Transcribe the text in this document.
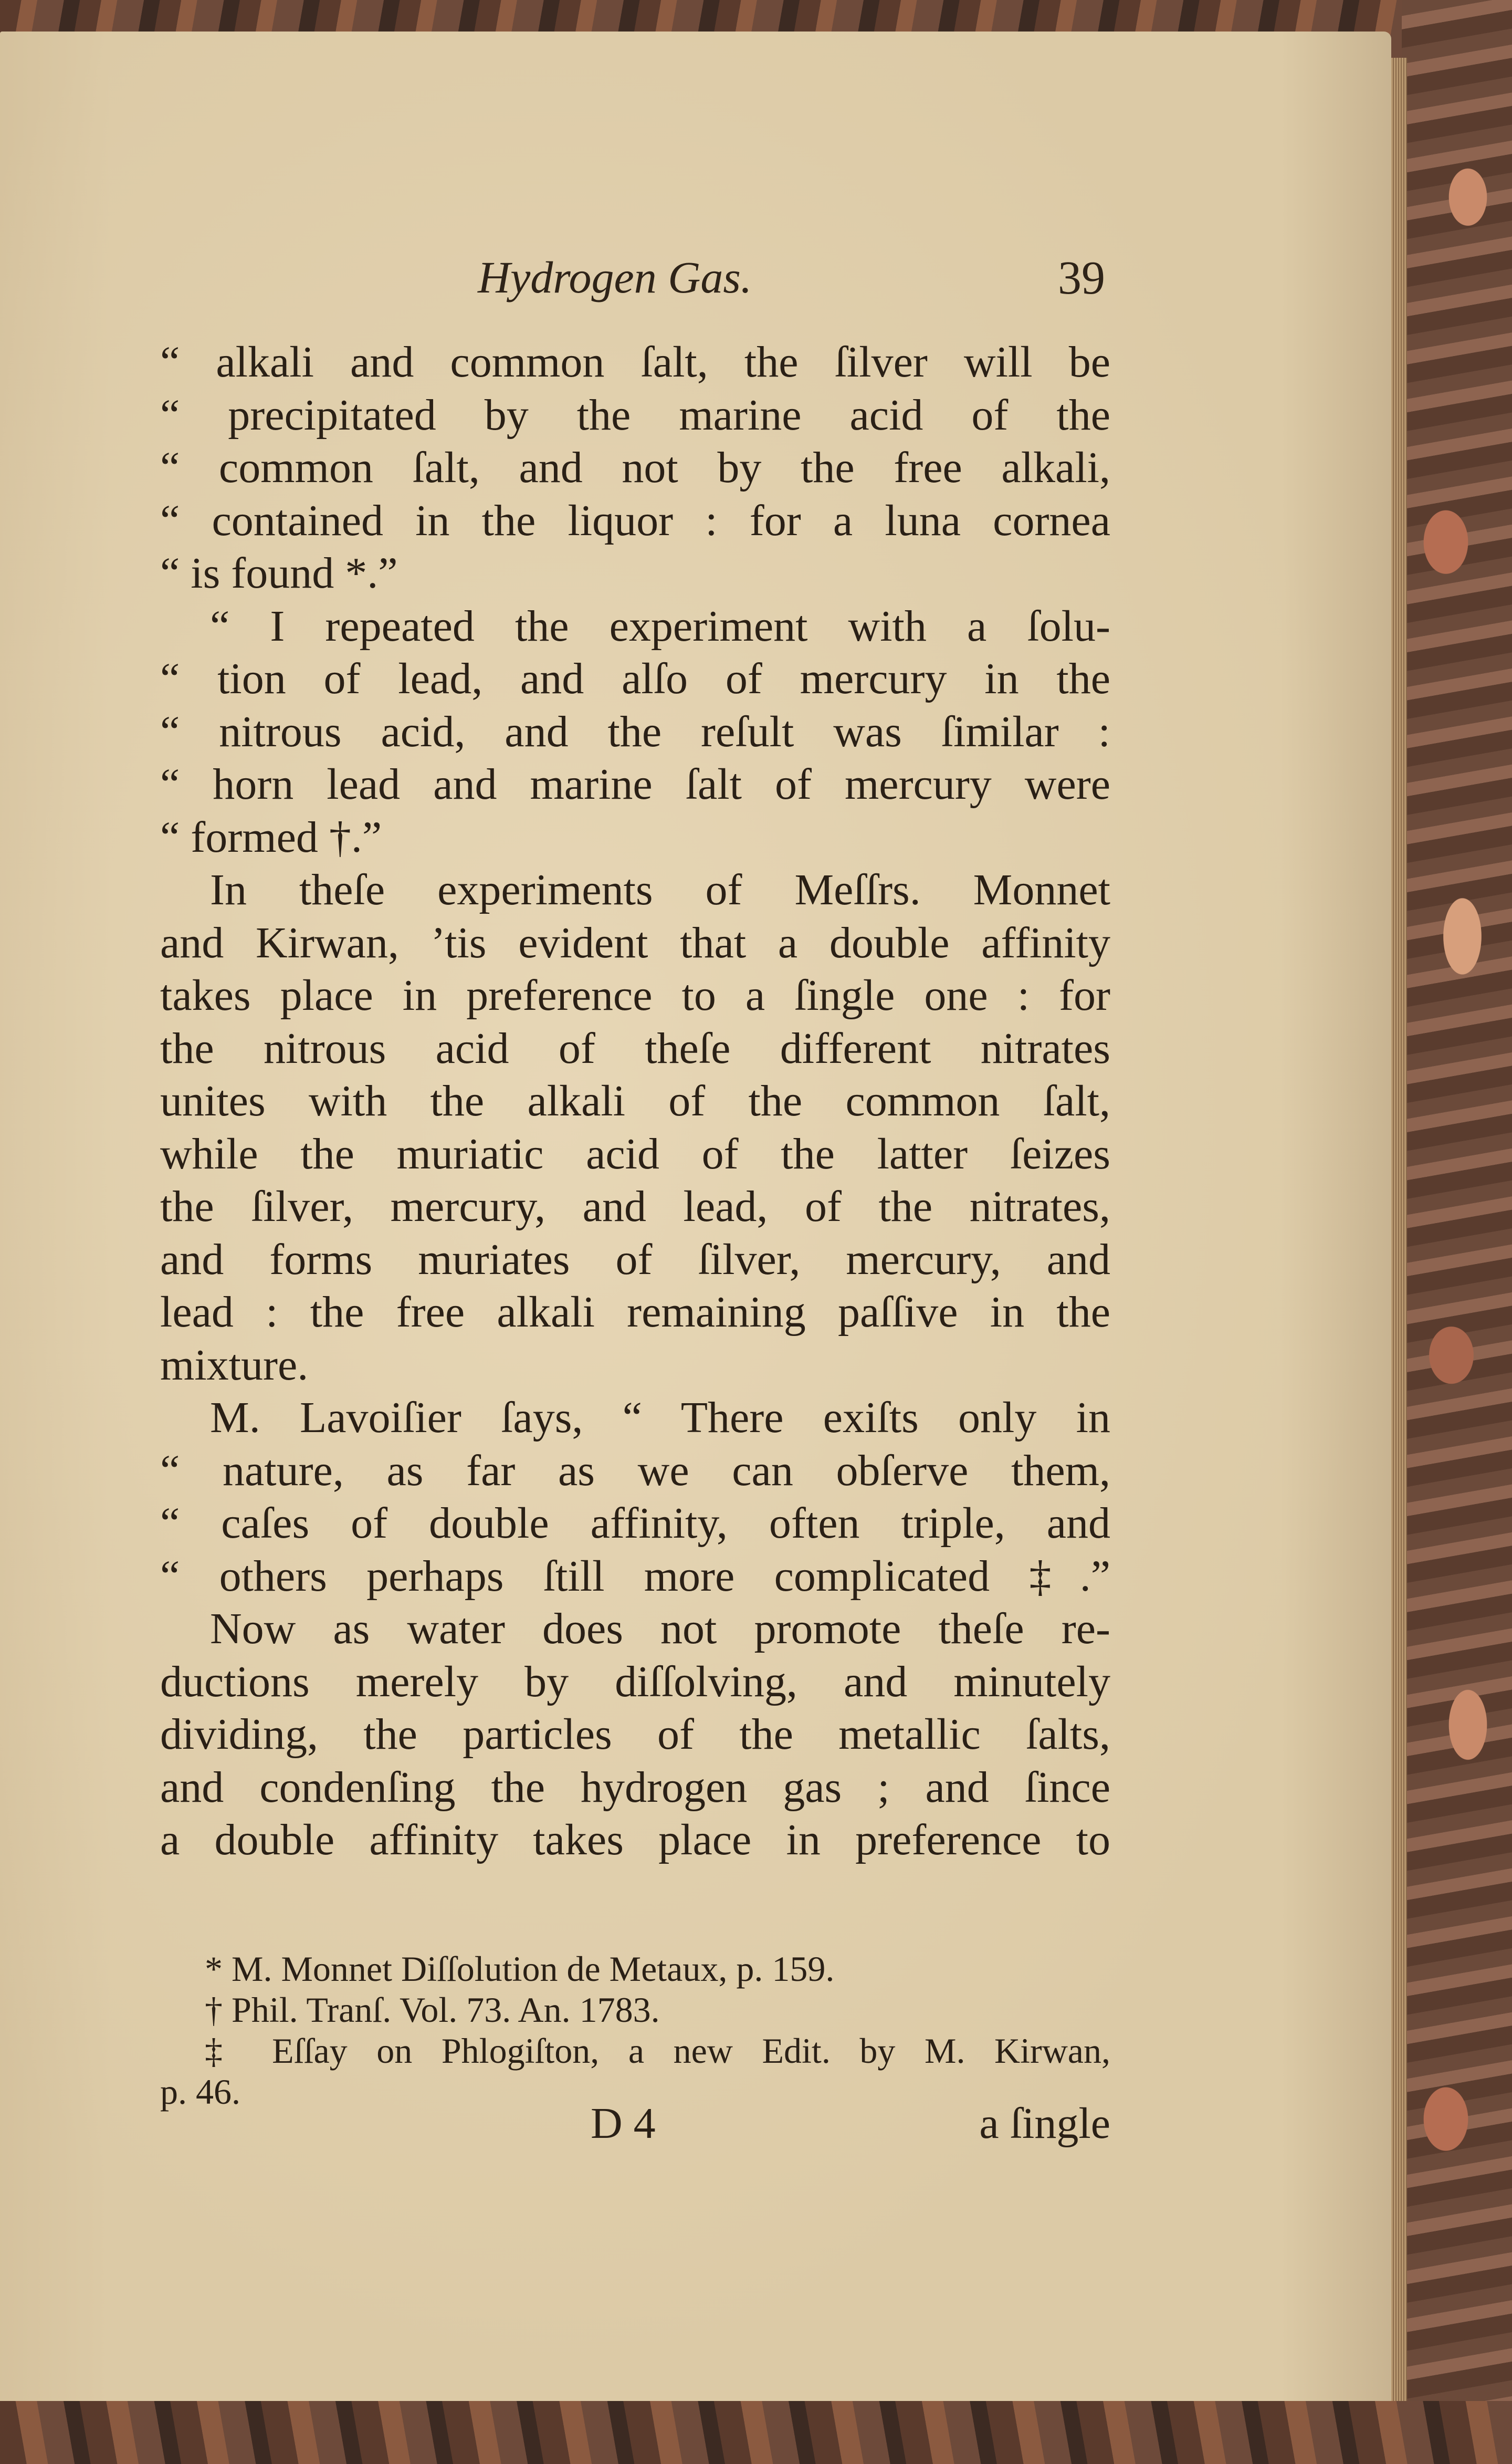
Hydrogen Gas.	39
“ alkali and common ſalt, the ſilver will be
“ precipitated by the marine acid of the
“ common ſalt, and not by the free alkali,
“ contained in the liquor : for a luna cornea
“ is found *.”
“ I repeated the experiment with a ſolu-
“ tion of lead, and alſo of mercury in the
“ nitrous acid, and the reſult was ſimilar :
“ horn lead and marine ſalt of mercury were
“ formed †.”
In theſe experiments of Meſſrs. Monnet
and Kirwan, ’tis evident that a double affinity
takes place in preference to a ſingle one : for
the nitrous acid of theſe different nitrates
unites with the alkali of the common ſalt,
while the muriatic acid of the latter ſeizes
the ſilver, mercury, and lead, of the nitrates,
and forms muriates of ſilver, mercury, and
lead : the free alkali remaining paſſive in the
mixture.
M. Lavoiſier ſays, “ There exiſts only in
“ nature, as far as we can obſerve them,
“ caſes of double affinity, often triple, and
“ others perhaps ſtill more complicated ‡.”
Now as water does not promote theſe re-
ductions merely by diſſolving, and minutely
dividing, the particles of the metallic ſalts,
and condenſing the hydrogen gas ; and ſince
a double affinity takes place in preference to
* M. Monnet Diſſolution de Metaux, p. 159.
† Phil. Tranſ. Vol. 73. An. 1783.
‡ Eſſay on Phlogiſton, a new Edit. by M. Kirwan,
p. 46.
D 4	a ſingle
